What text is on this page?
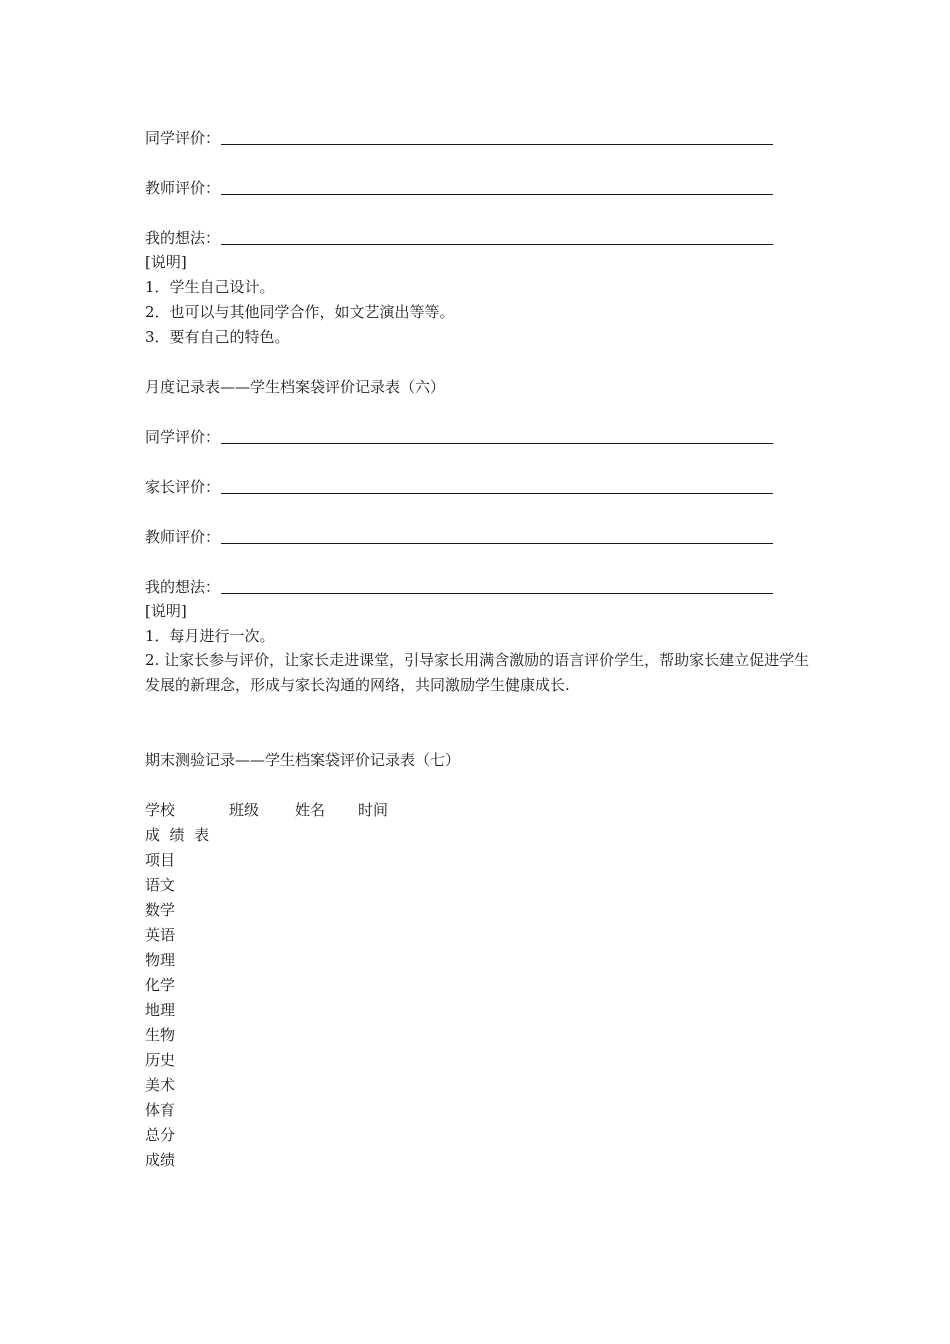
同学评价：
教师评价：
我的想法：
[说明]
1．学生自己设计。
2．也可以与其他同学合作，如文艺演出等等。
3．要有自己的特色。
月度记录表——学生档案袋评价记录表（六）
同学评价：
家长评价：
教师评价：
我的想法：
[说明]
1．每月进行一次。
2. 让家长参与评价，让家长走进课堂，引导家长用满含激励的语言评价学生，帮助家长建立促进学生发展的新理念，形成与家长沟通的网络，共同激励学生健康成长.
期末测验记录——学生档案袋评价记录表（七）
学校	班级 姓名 时间
成  绩  表
项目
语文
数学
英语
物理
化学
地理
生物
历史
美术
体育
总分
成绩
